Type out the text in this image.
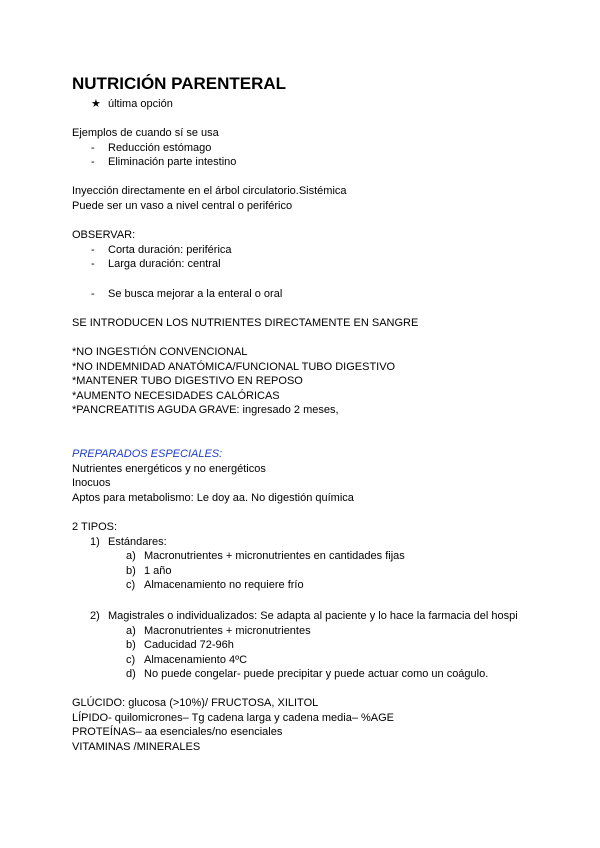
NUTRICIÓN PARENTERAL
★ última opción
Ejemplos de cuando sí se usa
- Reducción estómago
- Eliminación parte intestino
Inyección directamente en el árbol circulatorio.Sistémica
Puede ser un vaso a nivel central o periférico
OBSERVAR:
- Corta duración: periférica
- Larga duración: central
- Se busca mejorar a la enteral o oral
SE INTRODUCEN LOS NUTRIENTES DIRECTAMENTE EN SANGRE
*NO INGESTIÓN CONVENCIONAL
*NO INDEMNIDAD ANATÓMICA/FUNCIONAL TUBO DIGESTIVO
*MANTENER TUBO DIGESTIVO EN REPOSO
*AUMENTO NECESIDADES CALÓRICAS
*PANCREATITIS AGUDA GRAVE: ingresado 2 meses,
PREPARADOS ESPECIALES:
Nutrientes energéticos y no energéticos
Inocuos
Aptos para metabolismo: Le doy aa. No digestión química
2 TIPOS:
1) Estándares:
a) Macronutrientes + micronutrientes en cantidades fijas
b) 1 año
c) Almacenamiento no requiere frío
2) Magistrales o individualizados: Se adapta al paciente y lo hace la farmacia del hospi
a) Macronutrientes + micronutrientes
b) Caducidad 72-96h
c) Almacenamiento 4ºC
d) No puede congelar- puede precipitar y puede actuar como un coágulo.
GLÚCIDO: glucosa (>10%)/ FRUCTOSA, XILITOL
LÍPIDO- quilomicrones– Tg cadena larga y cadena media– %AGE
PROTEÍNAS– aa esenciales/no esenciales
VITAMINAS /MINERALES
